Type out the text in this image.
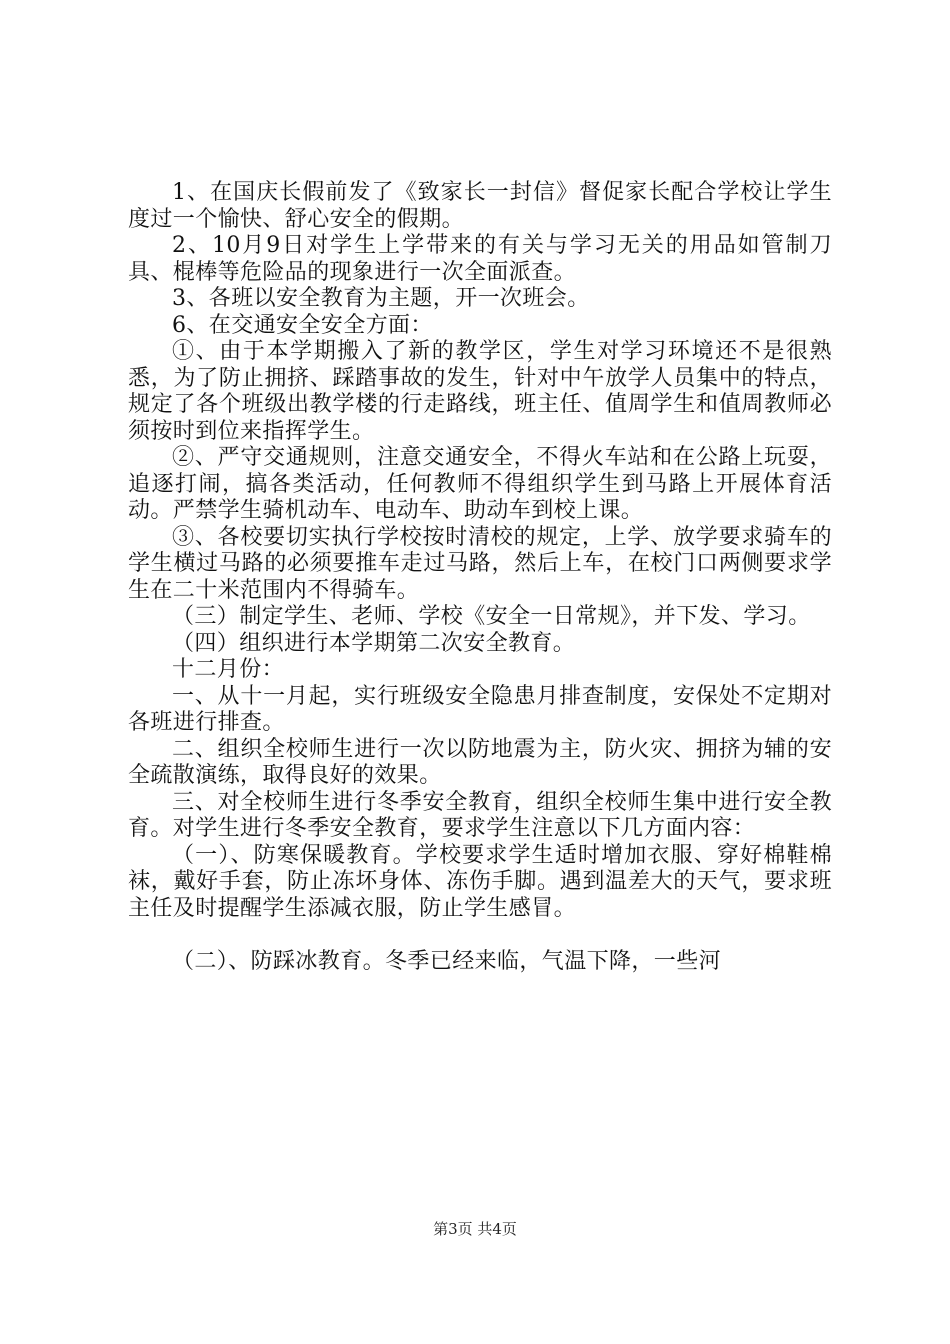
1、在国庆长假前发了《致家长一封信》督促家长配合学校让学生度过一个愉快、舒心安全的假期。

2、10月9日对学生上学带来的有关与学习无关的用品如管制刀具、棍棒等危险品的现象进行一次全面派查。

3、各班以安全教育为主题，开一次班会。

6、在交通安全安全方面：

①、由于本学期搬入了新的教学区，学生对学习环境还不是很熟悉，为了防止拥挤、踩踏事故的发生，针对中午放学人员集中的特点，规定了各个班级出教学楼的行走路线，班主任、值周学生和值周教师必须按时到位来指挥学生。

②、严守交通规则，注意交通安全，不得火车站和在公路上玩耍，追逐打闹，搞各类活动，任何教师不得组织学生到马路上开展体育活动。严禁学生骑机动车、电动车、助动车到校上课。

③、各校要切实执行学校按时清校的规定，上学、放学要求骑车的学生横过马路的必须要推车走过马路，然后上车，在校门口两侧要求学生在二十米范围内不得骑车。

（三）制定学生、老师、学校《安全一日常规》，并下发、学习。

（四）组织进行本学期第二次安全教育。

十二月份：

一、从十一月起，实行班级安全隐患月排查制度，安保处不定期对各班进行排查。

二、组织全校师生进行一次以防地震为主，防火灾、拥挤为辅的安全疏散演练，取得良好的效果。

三、对全校师生进行冬季安全教育，组织全校师生集中进行安全教育。对学生进行冬季安全教育，要求学生注意以下几方面内容：

（一）、防寒保暖教育。学校要求学生适时增加衣服、穿好棉鞋棉袜，戴好手套，防止冻坏身体、冻伤手脚。遇到温差大的天气，要求班主任及时提醒学生添减衣服，防止学生感冒。

（二）、防踩冰教育。冬季已经来临，气温下降，一些河

第3页 共4页
